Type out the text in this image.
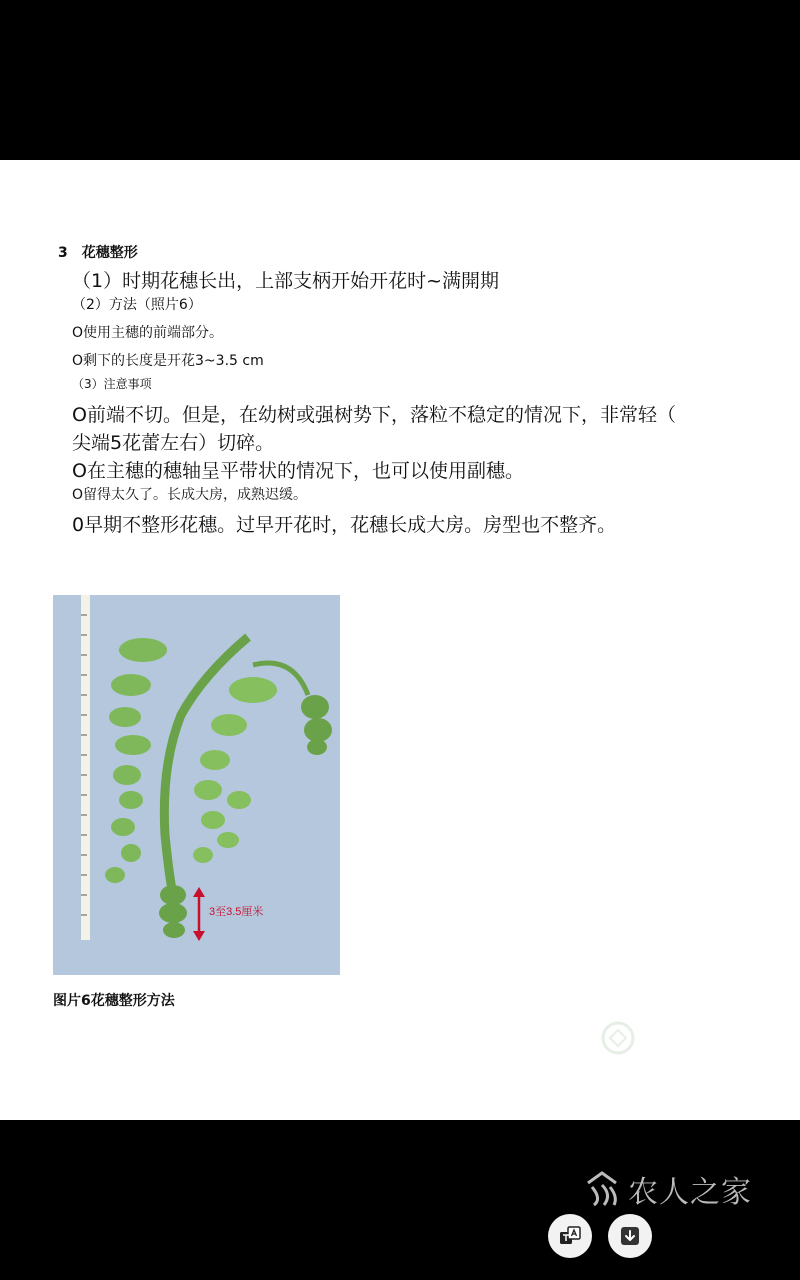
3　花穗整形
（1）时期花穗长出，上部支柄开始开花时~满開期
（2）方法（照片6）
O使用主穗的前端部分。
O剩下的长度是开花3~3.5 cm
（3）注意事项
O前端不切。但是，在幼树或强树势下，落粒不稳定的情况下，非常轻（
尖端5花蕾左右）切碎。
O在主穗的穗轴呈平带状的情况下，也可以使用副穗。
O留得太久了。长成大房，成熟迟缓。
0早期不整形花穗。过早开花时，花穗长成大房。房型也不整齐。
3至3.5厘米
图片6花穗整形方法
农人之家
